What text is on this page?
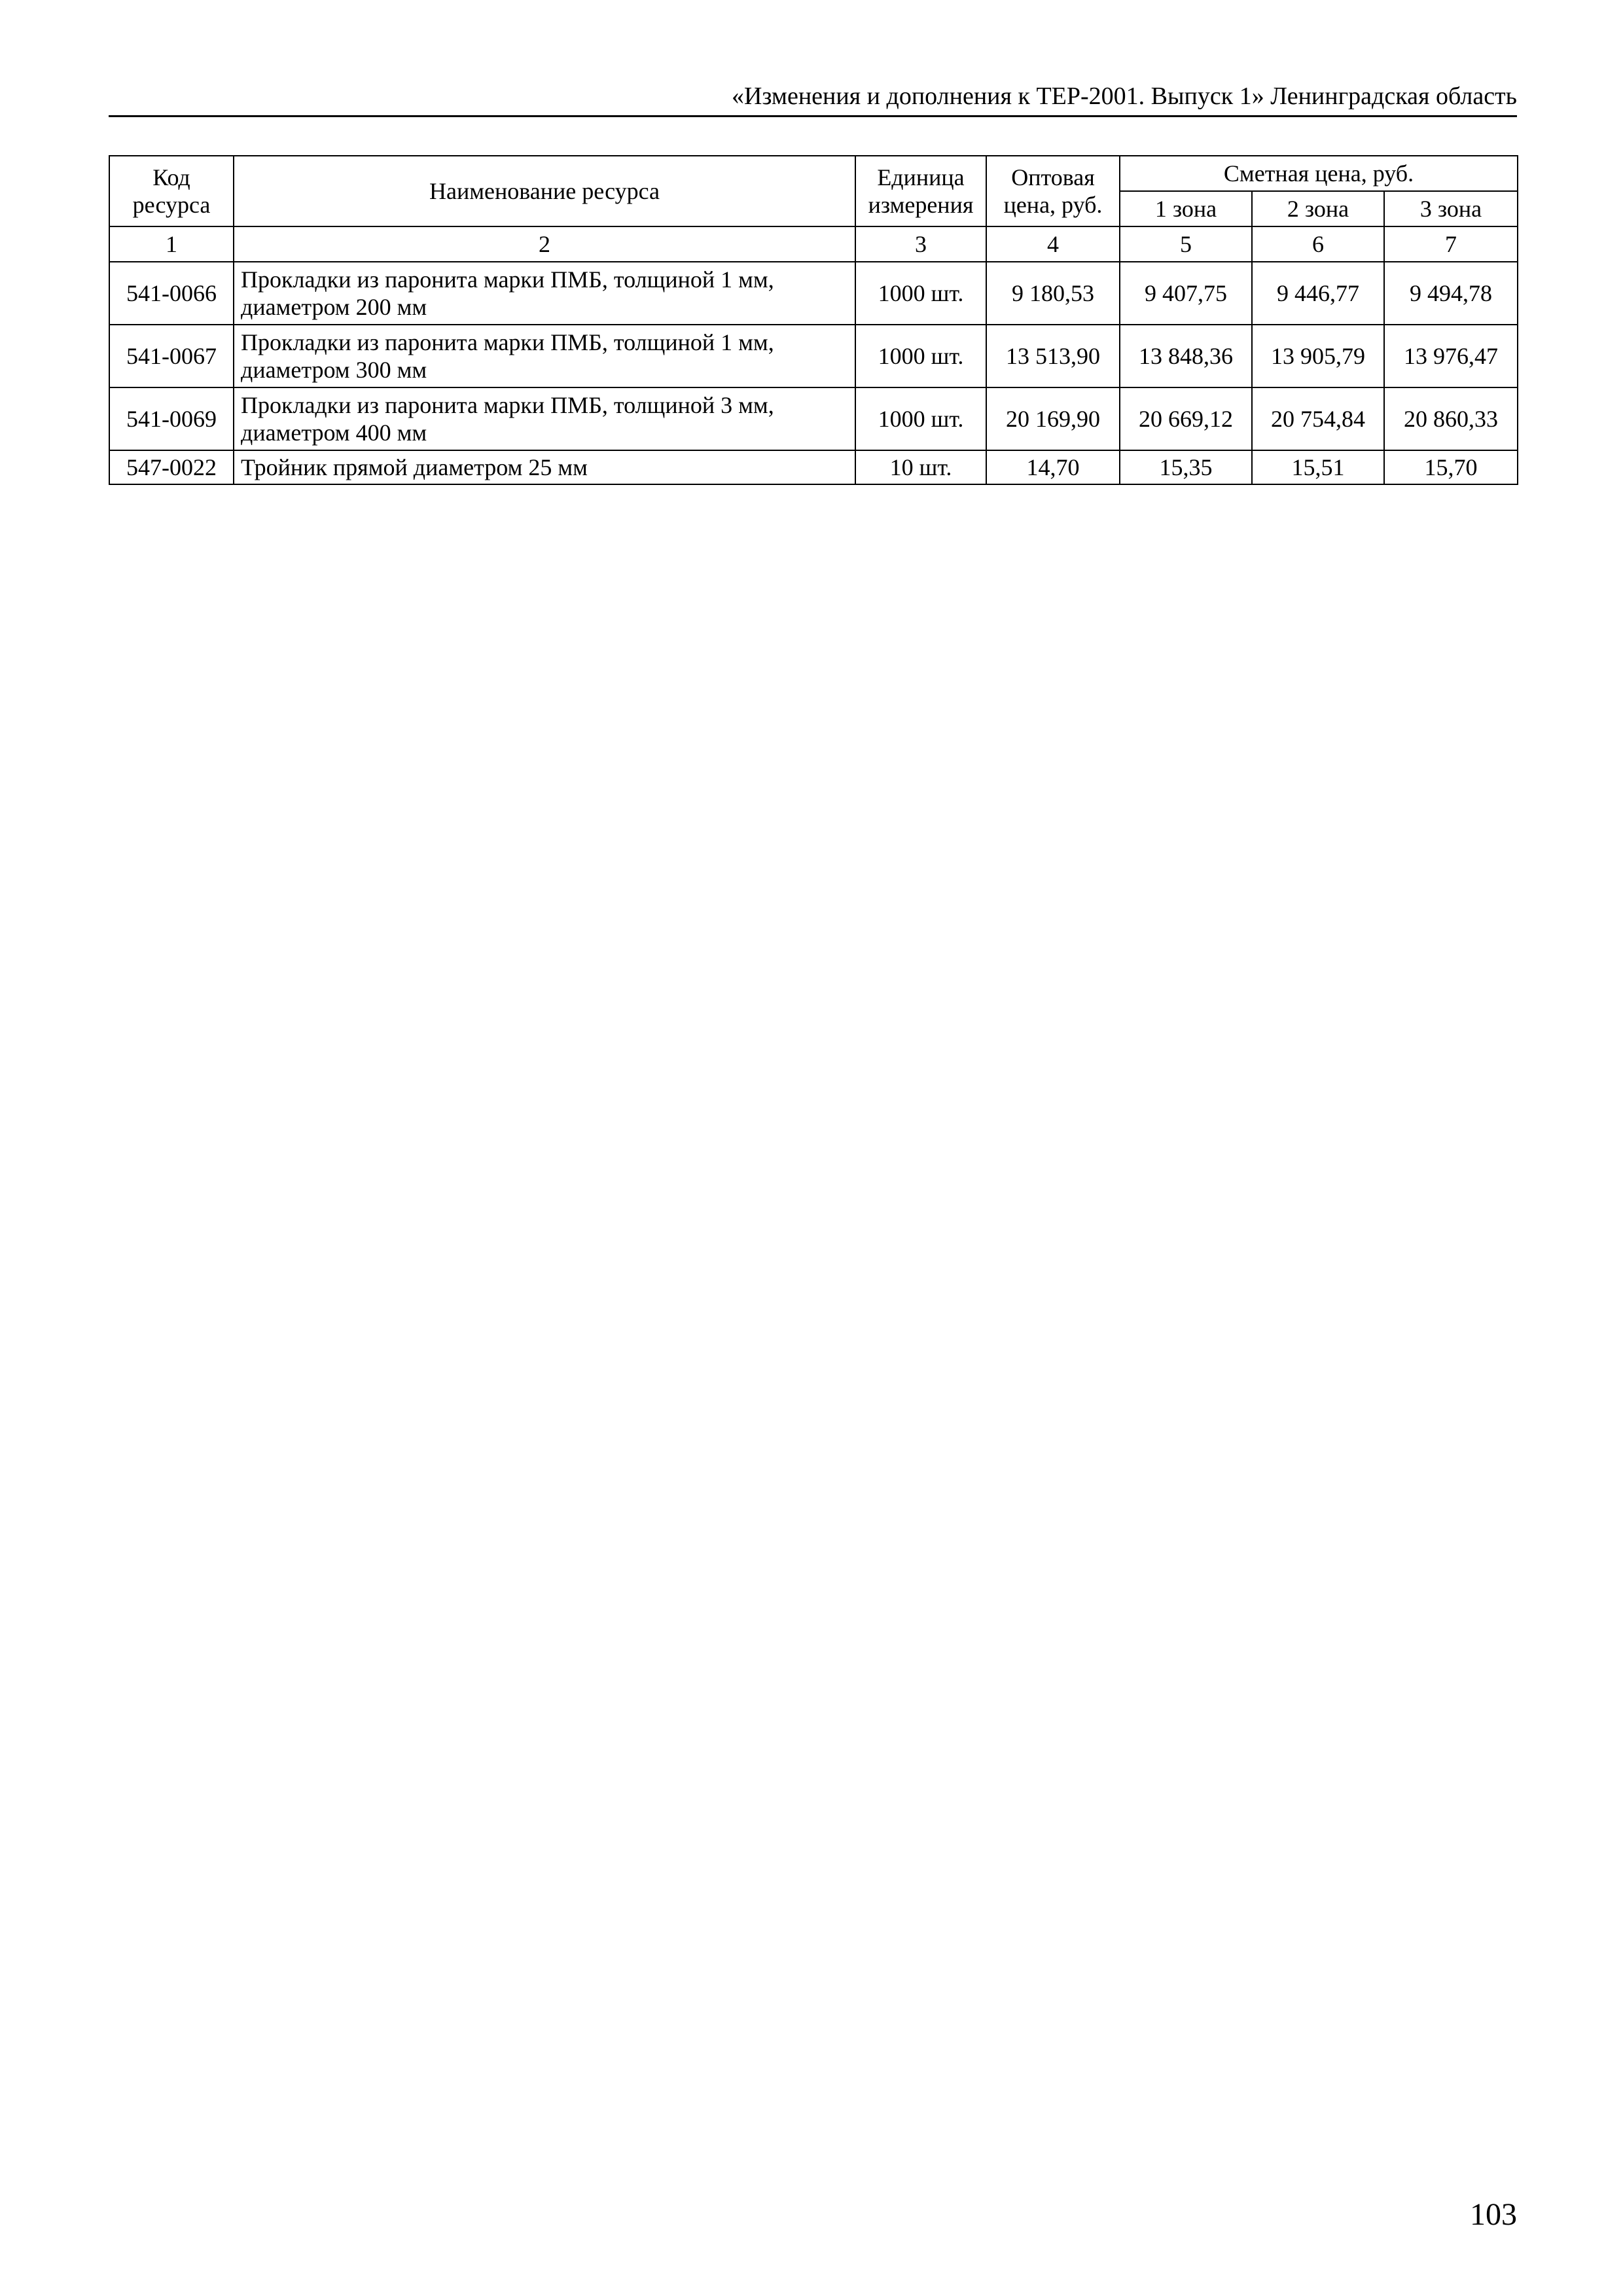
«Изменения и дополнения к ТЕР-2001. Выпуск 1» Ленинградская область
Код ресурса	Наименование ресурса	Единица измерения	Оптовая цена, руб.	Сметная цена, руб.		
				1 зона	2 зона	3 зона
1	2	3	4	5	6	7
541-0066	Прокладки из паронита марки ПМБ, толщиной 1 мм, диаметром 200 мм	1000 шт.	9 180,53	9 407,75	9 446,77	9 494,78
541-0067	Прокладки из паронита марки ПМБ, толщиной 1 мм, диаметром 300 мм	1000 шт.	13 513,90	13 848,36	13 905,79	13 976,47
541-0069	Прокладки из паронита марки ПМБ, толщиной 3 мм, диаметром 400 мм	1000 шт.	20 169,90	20 669,12	20 754,84	20 860,33
547-0022	Тройник прямой диаметром 25 мм	10 шт.	14,70	15,35	15,51	15,70
103
